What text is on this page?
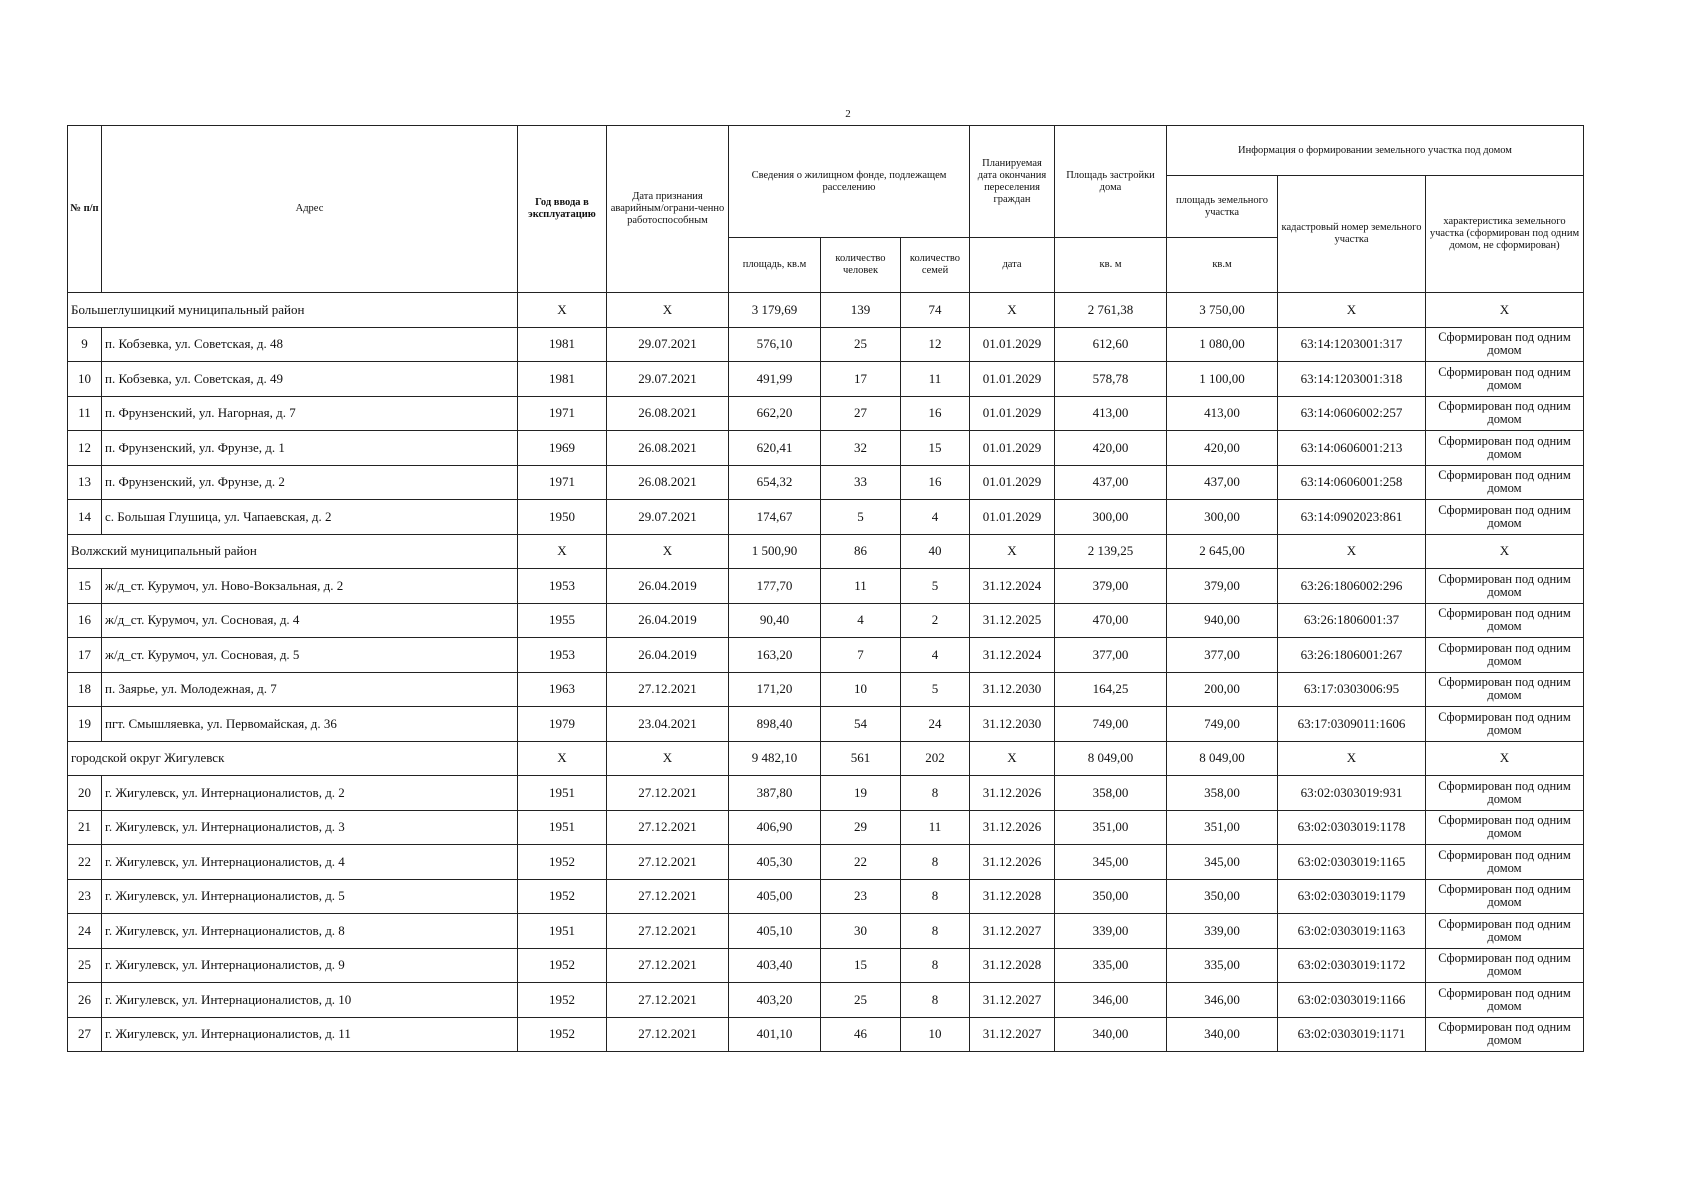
2
№ п/п	Адрес	Год ввода в эксплуатацию	Дата признания аварийным/ограни-ченно работоспособным	Сведения о жилищном фонде, подлежащем расселению			Планируемая дата окончания переселения граждан	Площадь застройки дома	Информация о формировании земельного участка под домом		
									площадь земельного участка	кадастровый номер земельного участка	характеристика земельного участка (сформирован под одним домом, не сформирован)
				площадь, кв.м	количество человек	количество семей	дата	кв. м	кв.м		
Большеглушицкий муниципальный район		X	X	3 179,69	139	74	X	2 761,38	3 750,00	X	X
9	п. Кобзевка, ул. Советская, д. 48	1981	29.07.2021	576,10	25	12	01.01.2029	612,60	1 080,00	63:14:1203001:317	Сформирован под одним домом
10	п. Кобзевка, ул. Советская, д. 49	1981	29.07.2021	491,99	17	11	01.01.2029	578,78	1 100,00	63:14:1203001:318	Сформирован под одним домом
11	п. Фрунзенский, ул. Нагорная, д. 7	1971	26.08.2021	662,20	27	16	01.01.2029	413,00	413,00	63:14:0606002:257	Сформирован под одним домом
12	п. Фрунзенский, ул. Фрунзе, д. 1	1969	26.08.2021	620,41	32	15	01.01.2029	420,00	420,00	63:14:0606001:213	Сформирован под одним домом
13	п. Фрунзенский, ул. Фрунзе, д. 2	1971	26.08.2021	654,32	33	16	01.01.2029	437,00	437,00	63:14:0606001:258	Сформирован под одним домом
14	с. Большая Глушица, ул. Чапаевская, д. 2	1950	29.07.2021	174,67	5	4	01.01.2029	300,00	300,00	63:14:0902023:861	Сформирован под одним домом
Волжский муниципальный район		X	X	1 500,90	86	40	X	2 139,25	2 645,00	X	X
15	ж/д_ст. Курумоч, ул. Ново-Вокзальная, д. 2	1953	26.04.2019	177,70	11	5	31.12.2024	379,00	379,00	63:26:1806002:296	Сформирован под одним домом
16	ж/д_ст. Курумоч, ул. Сосновая, д. 4	1955	26.04.2019	90,40	4	2	31.12.2025	470,00	940,00	63:26:1806001:37	Сформирован под одним домом
17	ж/д_ст. Курумоч, ул. Сосновая, д. 5	1953	26.04.2019	163,20	7	4	31.12.2024	377,00	377,00	63:26:1806001:267	Сформирован под одним домом
18	п. Заярье, ул. Молодежная, д. 7	1963	27.12.2021	171,20	10	5	31.12.2030	164,25	200,00	63:17:0303006:95	Сформирован под одним домом
19	пгт. Смышляевка, ул. Первомайская, д. 36	1979	23.04.2021	898,40	54	24	31.12.2030	749,00	749,00	63:17:0309011:1606	Сформирован под одним домом
городской округ Жигулевск		X	X	9 482,10	561	202	X	8 049,00	8 049,00	X	X
20	г. Жигулевск, ул. Интернационалистов, д. 2	1951	27.12.2021	387,80	19	8	31.12.2026	358,00	358,00	63:02:0303019:931	Сформирован под одним домом
21	г. Жигулевск, ул. Интернационалистов, д. 3	1951	27.12.2021	406,90	29	11	31.12.2026	351,00	351,00	63:02:0303019:1178	Сформирован под одним домом
22	г. Жигулевск, ул. Интернационалистов, д. 4	1952	27.12.2021	405,30	22	8	31.12.2026	345,00	345,00	63:02:0303019:1165	Сформирован под одним домом
23	г. Жигулевск, ул. Интернационалистов, д. 5	1952	27.12.2021	405,00	23	8	31.12.2028	350,00	350,00	63:02:0303019:1179	Сформирован под одним домом
24	г. Жигулевск, ул. Интернационалистов, д. 8	1951	27.12.2021	405,10	30	8	31.12.2027	339,00	339,00	63:02:0303019:1163	Сформирован под одним домом
25	г. Жигулевск, ул. Интернационалистов, д. 9	1952	27.12.2021	403,40	15	8	31.12.2028	335,00	335,00	63:02:0303019:1172	Сформирован под одним домом
26	г. Жигулевск, ул. Интернационалистов, д. 10	1952	27.12.2021	403,20	25	8	31.12.2027	346,00	346,00	63:02:0303019:1166	Сформирован под одним домом
27	г. Жигулевск, ул. Интернационалистов, д. 11	1952	27.12.2021	401,10	46	10	31.12.2027	340,00	340,00	63:02:0303019:1171	Сформирован под одним домом
